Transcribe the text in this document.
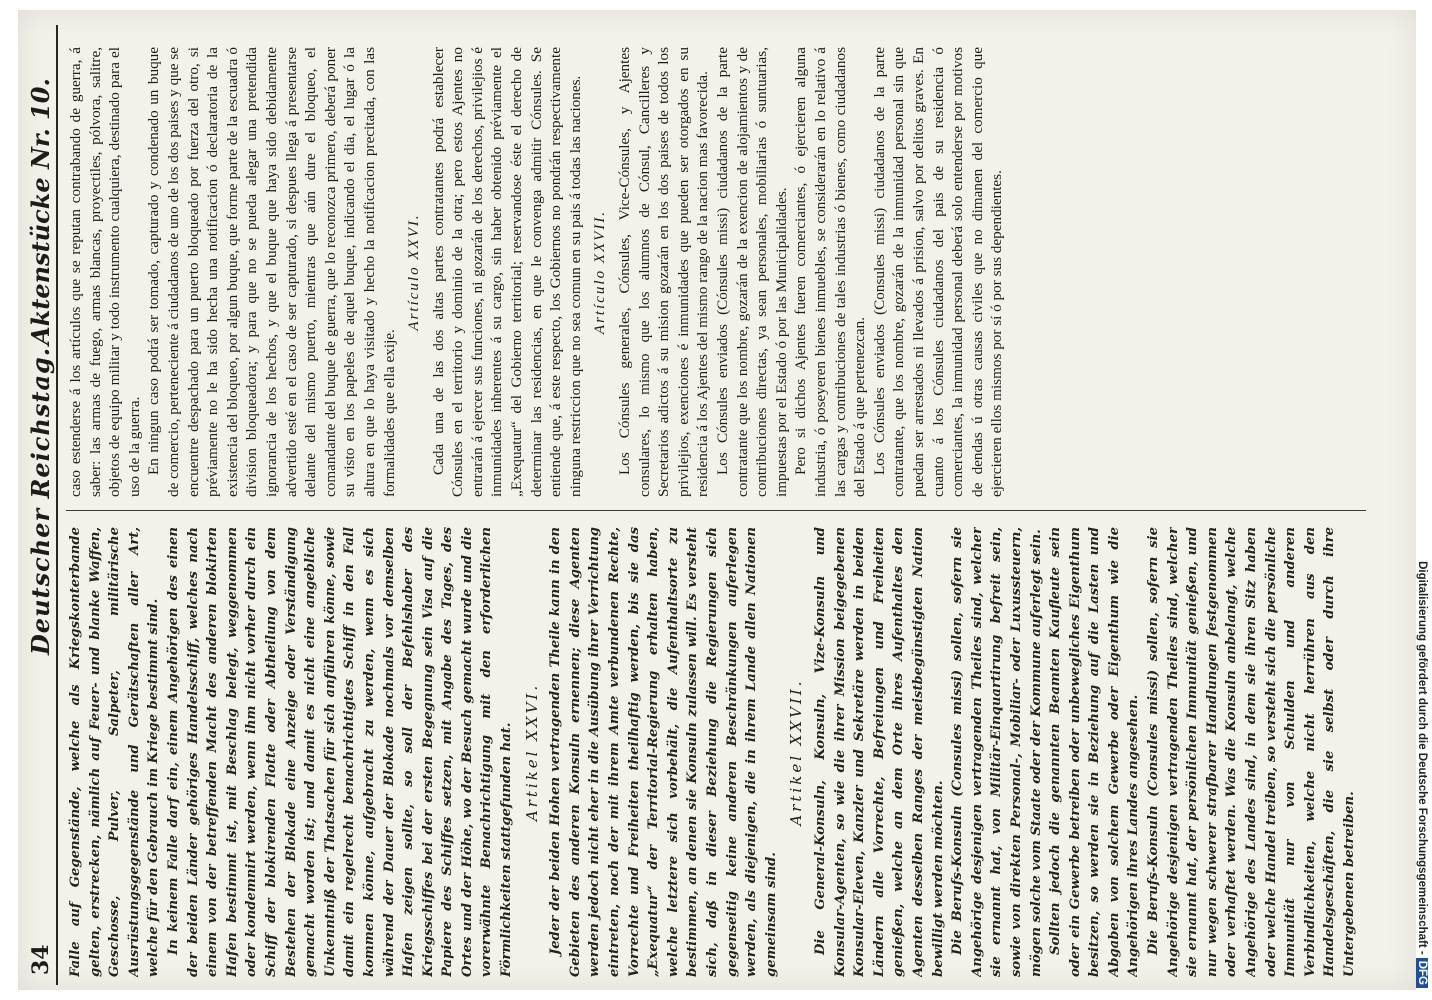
34
Deutscher Reichstag.
Aktenstücke Nr. 10.

Falle auf Gegenstände, welche als Kriegskonterbande gelten, erstrecken, nämlich auf Feuer- und blanke Waffen, Geschosse, Pulver, Salpeter, militärische Ausrüstungsgegenstände und Gerätschaften aller Art, welche für den Gebrauch im Kriege bestimmt sind. In keinem Falle darf ein, einem Angehörigen des einen der beiden Länder gehöriges Handelsschiff, welches nach einem von der betreffenden Macht des anderen blokirten Hafen bestimmt ist, mit Beschlag belegt, weggenommen oder kondemnirt werden, wenn ihm nicht vorher durch ein Schiff der blokirenden Flotte oder Abtheilung von dem Bestehen der Blokade eine Anzeige oder Verständigung gemacht worden ist; und damit es nicht eine angebliche Unkenntniß der Thatsachen für sich anführen könne, sowie damit ein regelrecht benachrichtigtes Schiff in den Fall kommen könne, aufgebracht zu werden, wenn es sich während der Dauer der Blokade nochmals vor demselben Hafen zeigen sollte, so soll der Befehlshaber des Kriegsschiffes bei der ersten Begegnung sein Visa auf die Papiere des Schiffes setzen, mit Angabe des Tages, des Ortes und der Höhe, wo der Besuch gemacht wurde und die vorerwähnte Benachrichtigung mit den erforderlichen Förmlichkeiten stattgefunden hat. Artikel XXVI. Jeder der beiden Hohen vertragenden Theile kann in den Gebieten des anderen Konsuln ernennen; diese Agenten werden jedoch nicht eher in die Ausübung ihrer Verrichtung eintreten, noch der mit ihrem Amte verbundenen Rechte, Vorrechte und Freiheiten theilhaftig werden, bis sie das „Exequatur“ der Territorial-Regierung erhalten haben, welche letztere sich vorbehält, die Aufenthaltsorte zu bestimmen, an denen sie Konsuln zulassen will. Es versteht sich, daß in dieser Beziehung die Regierungen sich gegenseitig keine anderen Beschränkungen auferlegen werden, als diejenigen, die in ihrem Lande allen Nationen gemeinsam sind.

Artikel XXVII. Die General-Konsuln, Konsuln, Vize-Konsuln und Konsular-Agenten, so wie die ihrer Mission beigegebenen Konsular-Eleven, Kanzler und Sekretäre werden in beiden Ländern alle Vorrechte, Befreiungen und Freiheiten genießen, welche an dem Orte ihres Aufenthaltes den Agenten desselben Ranges der meistbegünstigten Nation bewilligt werden möchten. Die Berufs-Konsuln (Consules missi) sollen, sofern sie Angehörige desjenigen vertragenden Theiles sind, welcher sie ernannt hat, von Militär-Einquartirung befreit sein, sowie von direkten Personal-, Mobiliar- oder Luxussteuern, mögen solche vom Staate oder der Kommune auferlegt sein. Sollten jedoch die genannten Beamten Kaufleute sein oder ein Gewerbe betreiben oder unbewegliches Eigenthum besitzen, so werden sie in Beziehung auf die Lasten und Abgaben von solchem Gewerbe oder Eigenthum wie die Angehörigen ihres Landes angesehen. Die Berufs-Konsuln (Consules missi) sollen, sofern sie Angehörige desjenigen vertragenden Theiles sind, welcher sie ernannt hat, der persönlichen Immunität genießen, und nur wegen schwerer strafbarer Handlungen festgenommen oder verhaftet werden. Was die Konsuln anbelangt, welche Angehörige des Landes sind, in dem sie ihren Sitz haben oder welche Handel treiben, so versteht sich die persönliche Immunität nur von Schulden und anderen Verbindlichkeiten, welche nicht herrühren aus den Handelsgeschäften, die sie selbst oder durch ihre Untergebenen betreiben.

caso estenderse á los artículos que se reputan contrabando de guerra, á saber: las armas de fuego, armas blancas, proyectiles, pólvora, salitre, objetos de equipo militar y todo instrumento cualquiera, destinado para el uso de la guerra. En ningun caso podrá ser tomado, capturado y condenado un buque de comercio, perteneciente á ciudadanos de uno de los dos paises y que se encuentre despachado para un puerto bloqueado por fuerza del otro, si préviamente no le ha sido hecha una notificacion ó declaratoria de la existencia del bloqueo, por algun buque, que forme parte de la escuadra ó division bloqueadora; y para que no se pueda alegar una pretendida ignorancia de los hechos, y que el buque que haya sido debidamente advertido esté en el caso de ser capturado, si despues llega á presentarse delante del mismo puerto, mientras que aún dure el bloqueo, el comandante del buque de guerra, que lo reconozca primero, deberá poner su visto en los papeles de aquel buque, indicando el dia, el lugar ó la altura en que lo haya visitado y hecho la notificacion precitada, con las formalidades que ella exije.

Artículo XXVI. Cada una de las dos altas partes contratantes podrá establecer Cónsules en el territorio y dominio de la otra; pero estos Ajentes no entrarán á ejercer sus funciones, ni gozarán de los derechos, privilejios é inmunidades inherentes á su cargo, sin haber obtenido préviamente el „Exequatur“ del Gobierno territorial; reservandose éste el derecho de determinar las residencias, en que le convenga admitir Cónsules. Se entiende que, á este respecto, los Gobiernos no pondrán respectivamente ninguna restriccion que no sea comun en su pais á todas las naciones. Artículo XXVII. Los Cónsules generales, Cónsules, Vice-Cónsules, y Ajentes consulares, lo mismo que los alumnos de Cónsul, Cancilleres y Secretarios adictos á su mision gozarán en los dos paises de todos los privilejios, exenciones é inmunidades que pueden ser otorgados en su residencia á los Ajentes del mismo rango de la nacion mas favorecida. Los Cónsules enviados (Cónsules missi) ciudadanos de la parte contratante que los nombre, gozarán de la exencion de alojamientos y de contribuciones directas, ya sean personales, mobiliarias ó suntuarias, impuestas por el Estado ó por las Municipalidades. Pero si dichos Ajentes fueren comerciantes, ó ejercieren alguna industria, ó poseyeren bienes inmuebles, se considerarán en lo relativo á las cargas y contribuciones de tales industrias ó bienes, como ciudadanos del Estado á que pertenezcan. Los Cónsules enviados (Consules missi) ciudadanos de la parte contratante, que los nombre, gozarán de la inmunidad personal sin que puedan ser arrestados ni llevados á prision, salvo por delitos graves. En cuanto á los Cónsules ciudadanos del pais de su residencia ó comerciantes, la inmunidad personal deberá solo entenderse por motivos de dendas ú otras causas civiles que no dimanen del comercio que ejercieren ellos mismos por sí ó por sus dependientes.

Digitalisierung gefördert durch die Deutsche Forschungsgemeinschaft -DFG
